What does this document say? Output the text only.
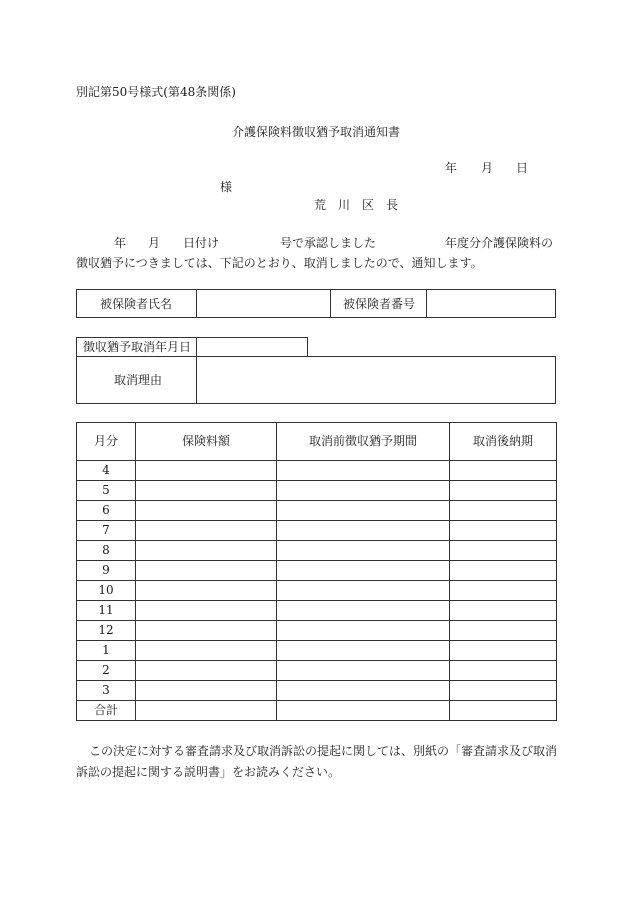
別記第50号様式(第48条関係)
介護保険料徴収猶予取消通知書
年 月 日
様
荒　川　区　長
年 月 日付け	号で承認しました	年度分介護保険料の
徴収猶予につきましては、下記のとおり、取消しましたので、通知します。
被保険者氏名	被保険者番号
徴収猶予取消年月日
取消理由
月分	保険料額	取消前徴収猶予期間	取消後納期
4			
5			
6			
7			
8			
9			
10			
11			
12			
1			
2			
3			
合計			
この決定に対する審査請求及び取消訴訟の提起に関しては、別紙の「審査請求及び取消
訴訟の提起に関する説明書」をお読みください。
